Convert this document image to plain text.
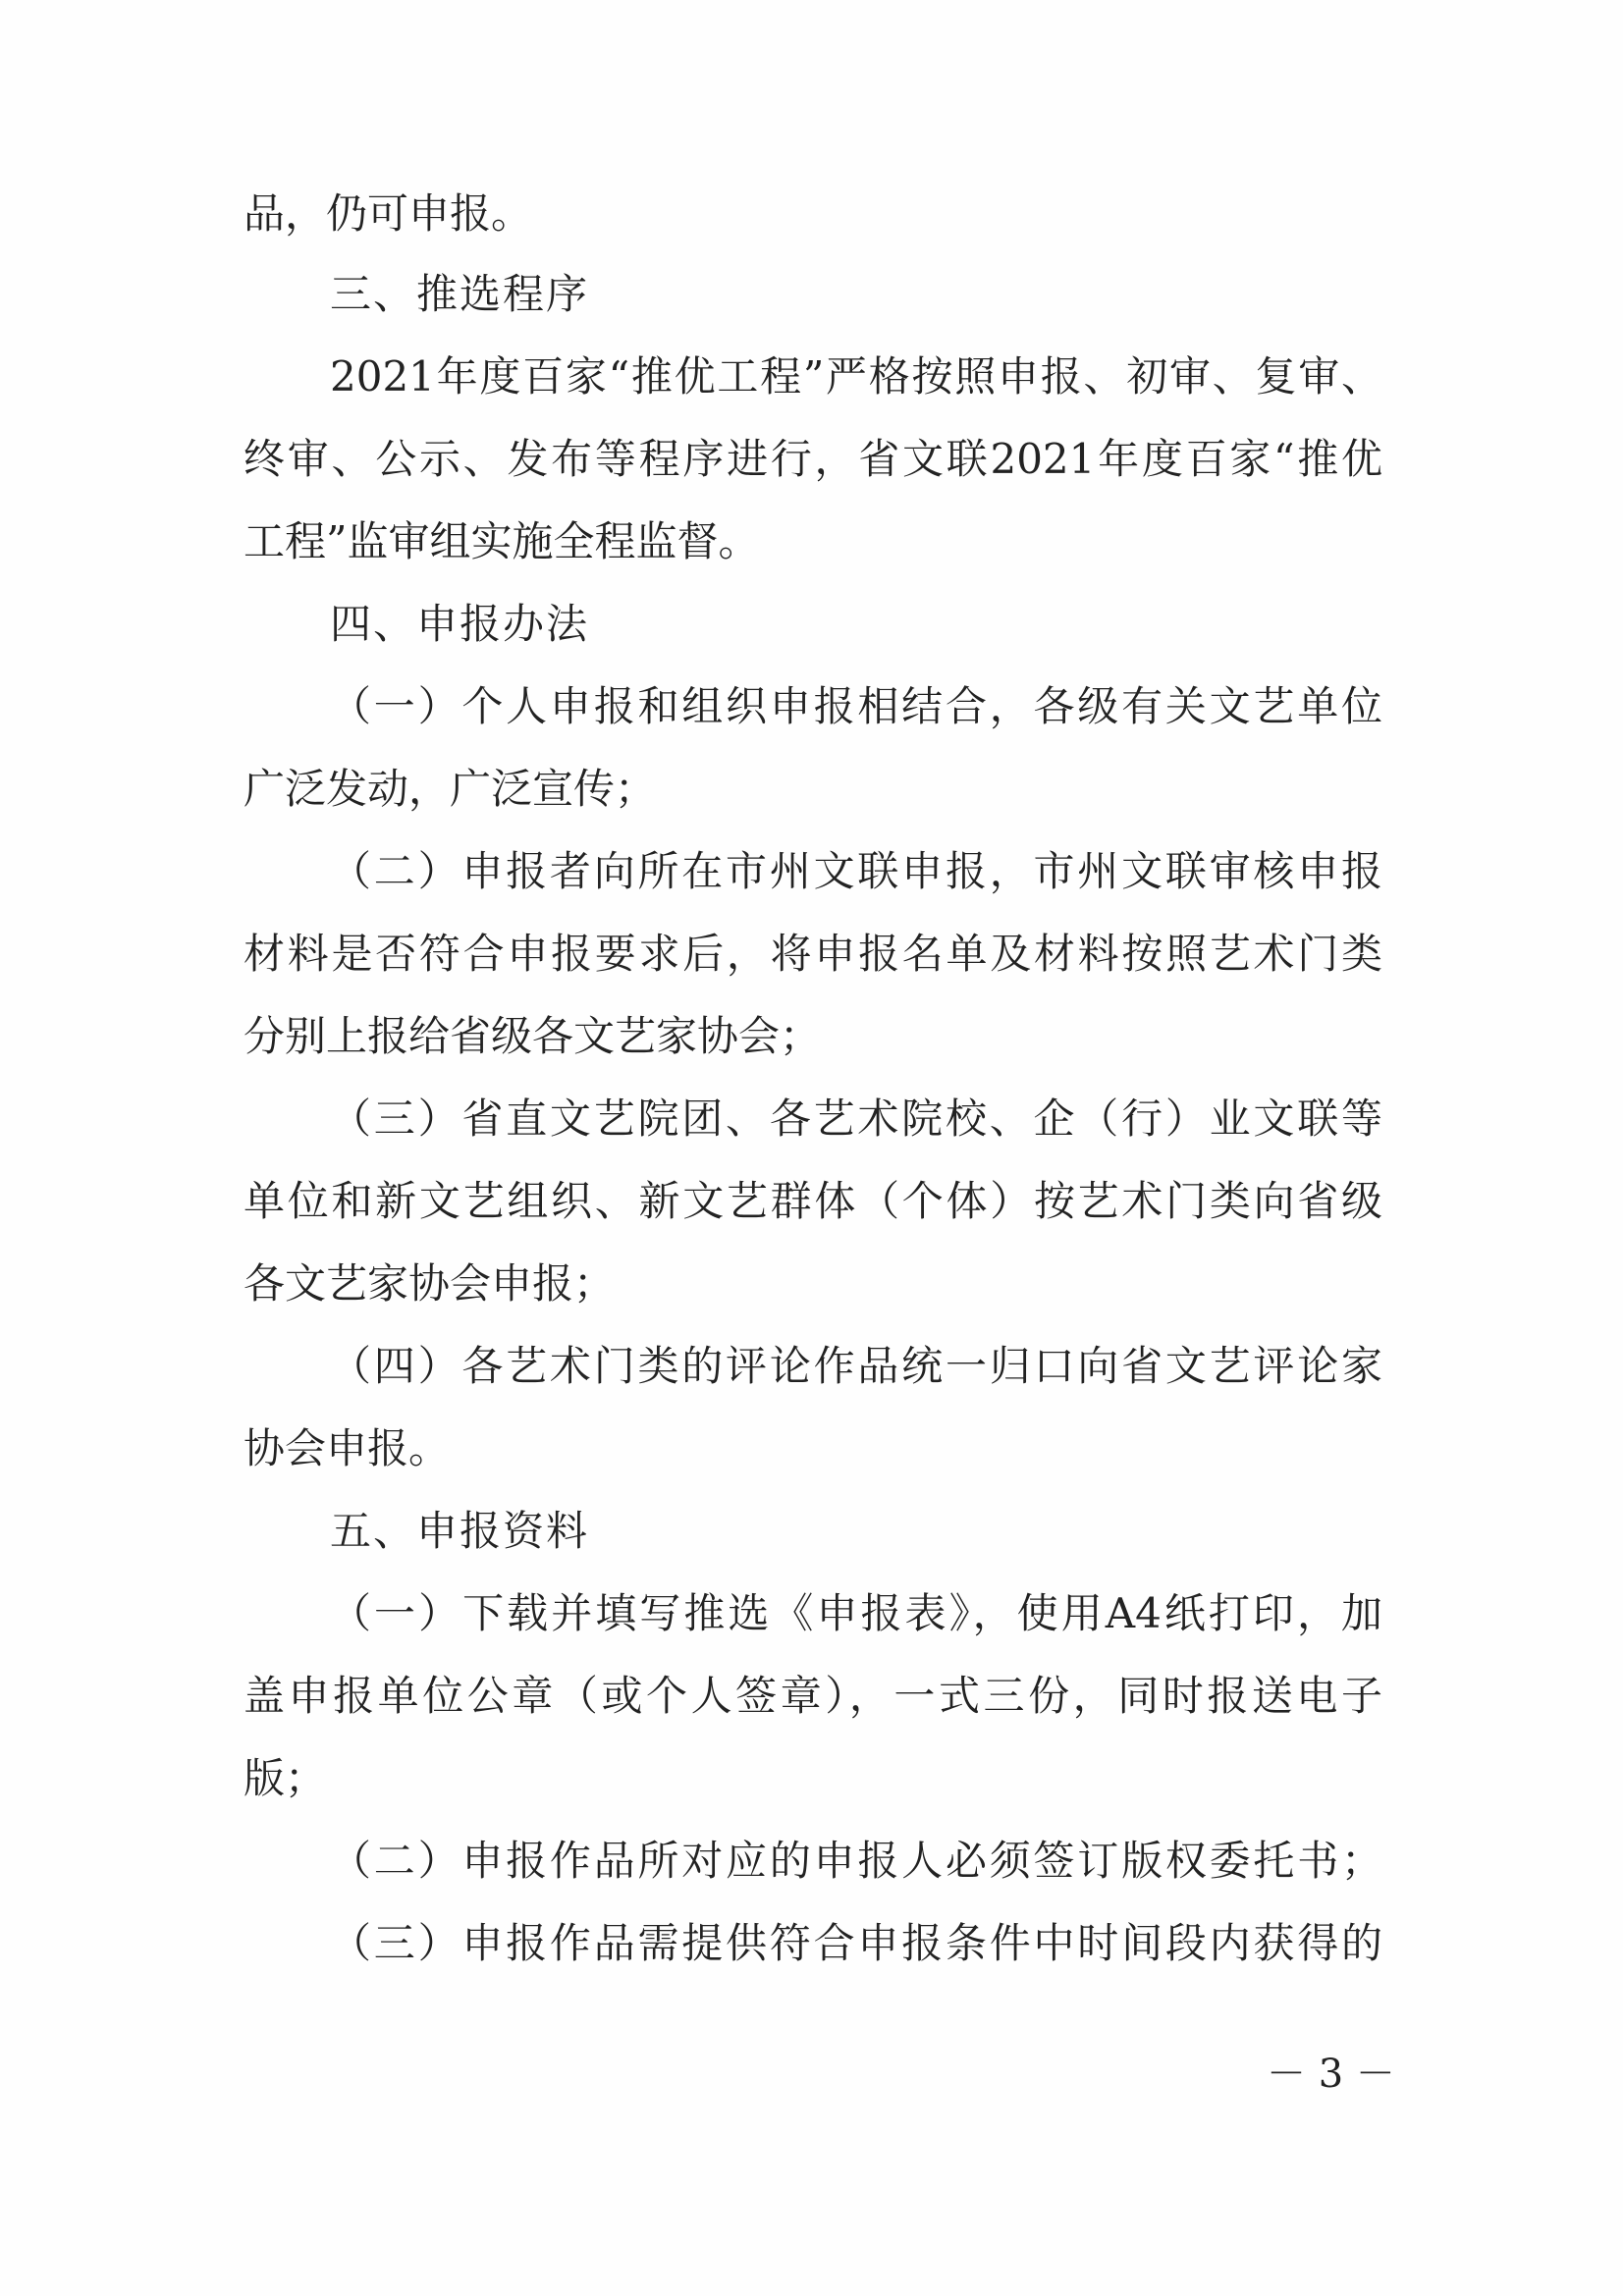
品，仍可申报。

三、推选程序

2021年度百家“推优工程”严格按照申报、初审、复审、

终审、公示、发布等程序进行，省文联2021年度百家“推优

工程”监审组实施全程监督。

四、申报办法

（一）个人申报和组织申报相结合，各级有关文艺单位

广泛发动，广泛宣传；

（二）申报者向所在市州文联申报，市州文联审核申报

材料是否符合申报要求后，将申报名单及材料按照艺术门类

分别上报给省级各文艺家协会；

（三）省直文艺院团、各艺术院校、企（行）业文联等

单位和新文艺组织、新文艺群体（个体）按艺术门类向省级

各文艺家协会申报；

（四）各艺术门类的评论作品统一归口向省文艺评论家

协会申报。

五、申报资料

（一）下载并填写推选《申报表》，使用A4纸打印，加

盖申报单位公章（或个人签章），一式三份，同时报送电子

版；

（二）申报作品所对应的申报人必须签订版权委托书；

（三）申报作品需提供符合申报条件中时间段内获得的

－ 3 －
